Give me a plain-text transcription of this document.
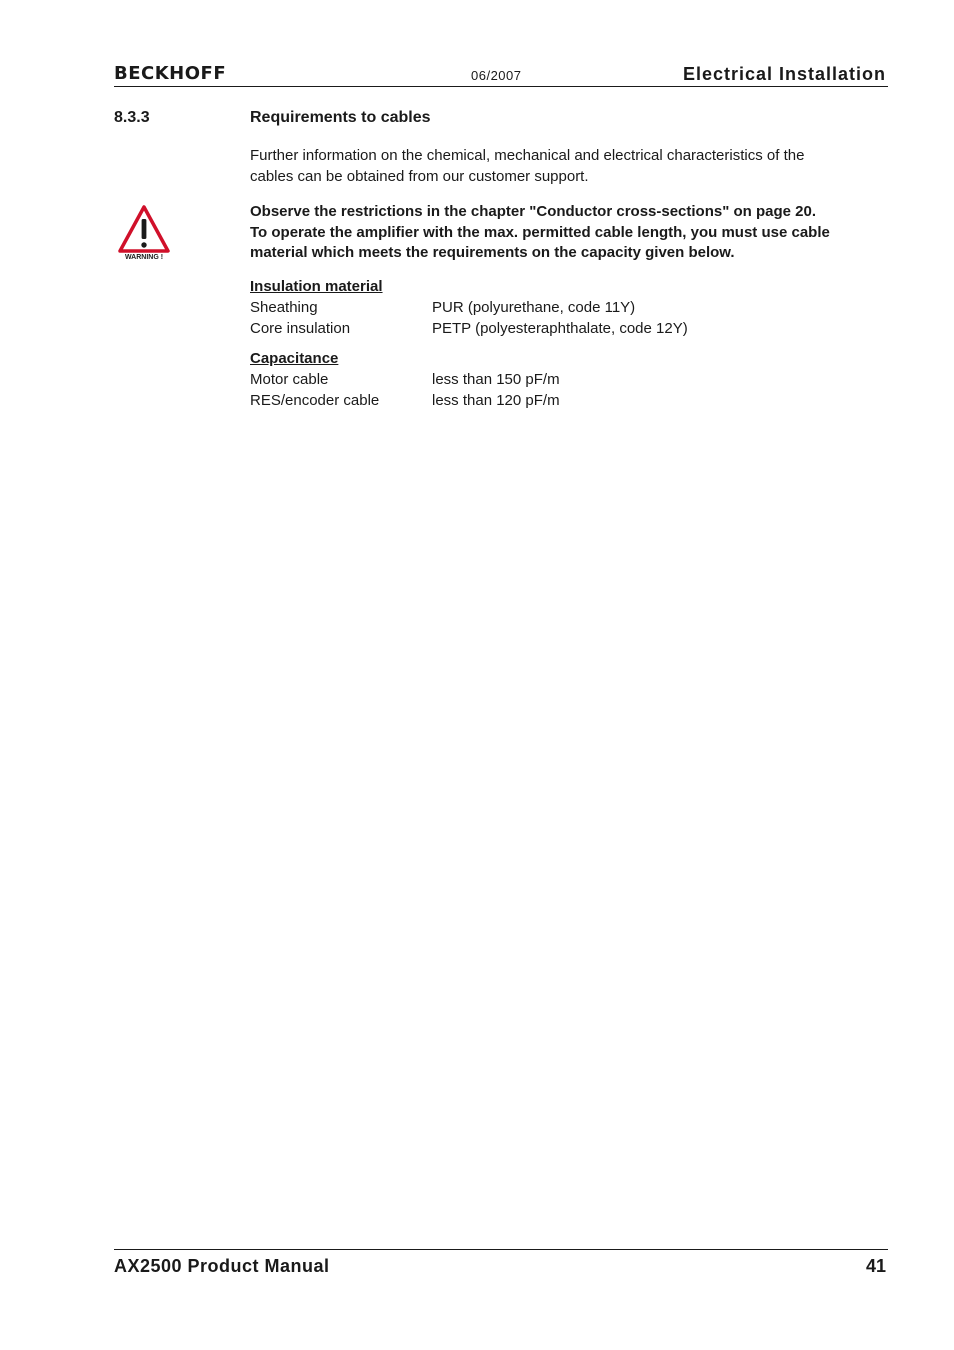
BECKHOFF	06/2007	Electrical Installation
8.3.3	Requirements to cables
Further information on the chemical, mechanical and electrical characteristics of the
cables can be obtained from our customer support.
WARNING !
Observe the restrictions in the chapter "Conductor cross-sections" on page 20.
To operate the amplifier with the max. permitted cable length, you must use cable
material which meets the requirements on the capacity given below.
Insulation material
Sheathing	PUR (polyurethane, code 11Y)
Core insulation	PETP (polyesteraphthalate, code 12Y)
Capacitance
Motor cable	less than 150 pF/m
RES/encoder cable	less than 120 pF/m
AX2500 Product Manual	41
